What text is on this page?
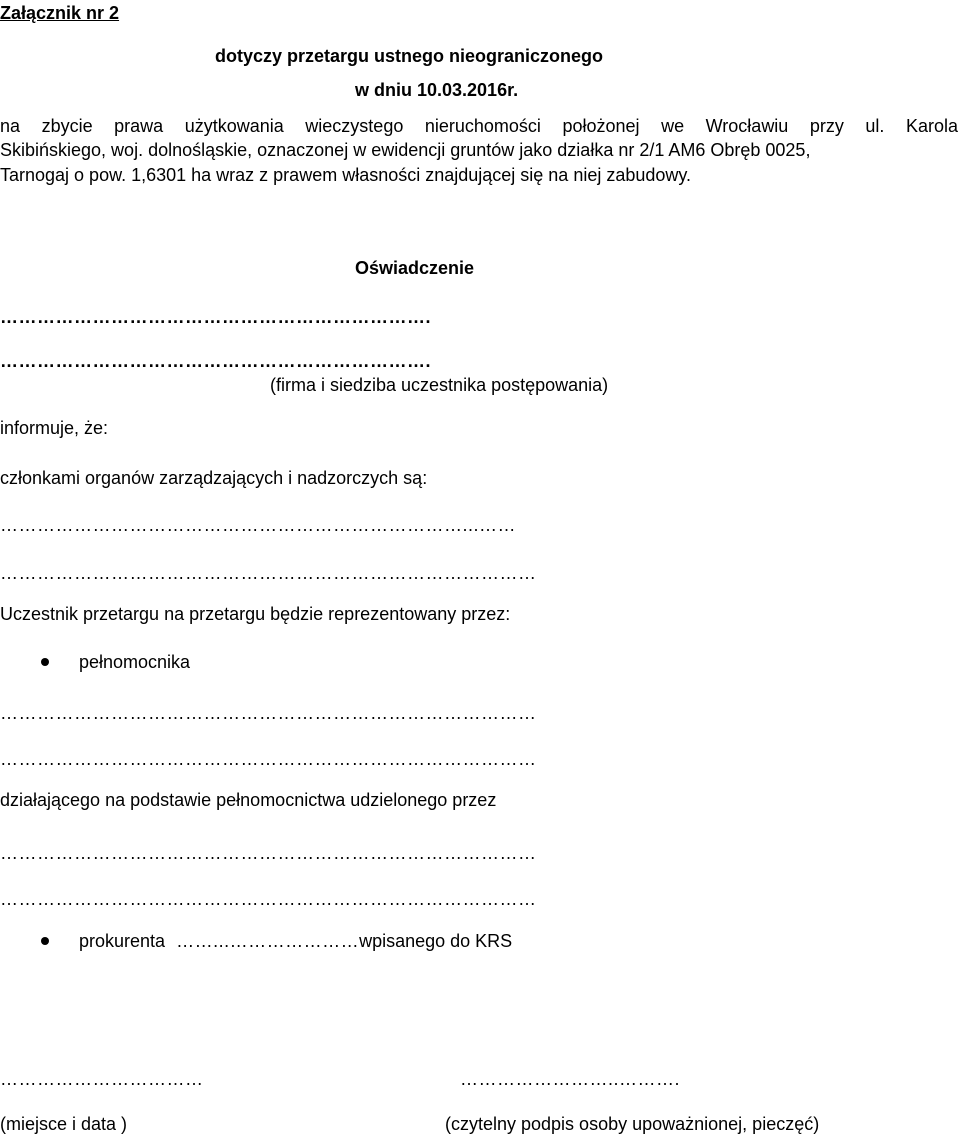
Załącznik nr 2
dotyczy przetargu ustnego nieograniczonego
w dniu 10.03.2016r.
na zbycie prawa użytkowania wieczystego nieruchomości położonej we Wrocławiu przy ul. Karola
Skibińskiego, woj. dolnośląskie, oznaczonej w ewidencji gruntów jako działka nr 2/1 AM6 Obręb 0025,
Tarnogaj o pow. 1,6301 ha wraz z prawem własności znajdującej się na niej zabudowy.
Oświadczenie
…………………………………………………………….
…………………………………………………………….
(firma i siedziba uczestnika postępowania)
informuje, że:
członkami organów zarządzających i nadzorczych są:
…………………………………………………………………...……
……………………………………………………………………………
Uczestnik przetargu na przetargu będzie reprezentowany przez:
pełnomocnika
……………………………………………………………………………
……………………………………………………………………………
działającego na podstawie pełnomocnictwa udzielonego przez
……………………………………………………………………………
……………………………………………………………………………
prokurenta ……...…………………wpisanego do KRS
……………………………	……………………..……….
(miejsce i data )	(czytelny podpis osoby upoważnionej, pieczęć)
